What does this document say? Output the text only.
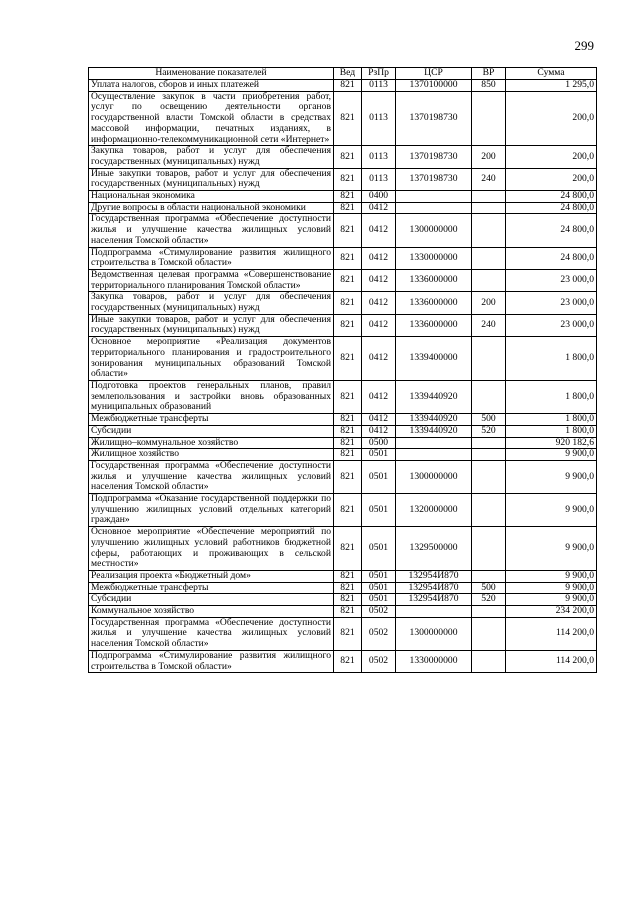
299
Наименование показателей	Вед	РзПр	ЦСР	ВР	Сумма
Уплата налогов, сборов и иных платежей	821	0113	1370100000	850	1 295,0
Осуществление закупок в части приобретения работ, услуг по освещению деятельности органов государственной власти Томской области в средствах массовой информации, печатных изданиях, в информационно-телекоммуникационной сети «Интернет»	821	0113	1370198730		200,0
Закупка товаров, работ и услуг для обеспечения государственных (муниципальных) нужд	821	0113	1370198730	200	200,0
Иные закупки товаров, работ и услуг для обеспечения государственных (муниципальных) нужд	821	0113	1370198730	240	200,0
Национальная экономика	821	0400			24 800,0
Другие вопросы в области национальной экономики	821	0412			24 800,0
Государственная программа «Обеспечение доступности жилья и улучшение качества жилищных условий населения Томской области»	821	0412	1300000000		24 800,0
Подпрограмма «Стимулирование развития жилищного строительства в Томской области»	821	0412	1330000000		24 800,0
Ведомственная целевая программа «Совершенствование территориального планирования Томской области»	821	0412	1336000000		23 000,0
Закупка товаров, работ и услуг для обеспечения государственных (муниципальных) нужд	821	0412	1336000000	200	23 000,0
Иные закупки товаров, работ и услуг для обеспечения государственных (муниципальных) нужд	821	0412	1336000000	240	23 000,0
Основное мероприятие «Реализация документов территориального планирования и градостроительного зонирования муниципальных образований Томской области»	821	0412	1339400000		1 800,0
Подготовка проектов генеральных планов, правил землепользования и застройки вновь образованных муниципальных образований	821	0412	1339440920		1 800,0
Межбюджетные трансферты	821	0412	1339440920	500	1 800,0
Субсидии	821	0412	1339440920	520	1 800,0
Жилищно–коммунальное хозяйство	821	0500			920 182,6
Жилищное хозяйство	821	0501			9 900,0
Государственная программа «Обеспечение доступности жилья и улучшение качества жилищных условий населения Томской области»	821	0501	1300000000		9 900,0
Подпрограмма «Оказание государственной поддержки по улучшению жилищных условий отдельных категорий граждан»	821	0501	1320000000		9 900,0
Основное мероприятие «Обеспечение мероприятий по улучшению жилищных условий работников бюджетной сферы, работающих и проживающих в сельской местности»	821	0501	1329500000		9 900,0
Реализация проекта «Бюджетный дом»	821	0501	132954И870		9 900,0
Межбюджетные трансферты	821	0501	132954И870	500	9 900,0
Субсидии	821	0501	132954И870	520	9 900,0
Коммунальное хозяйство	821	0502			234 200,0
Государственная программа «Обеспечение доступности жилья и улучшение качества жилищных условий населения Томской области»	821	0502	1300000000		114 200,0
Подпрограмма «Стимулирование развития жилищного строительства в Томской области»	821	0502	1330000000		114 200,0
